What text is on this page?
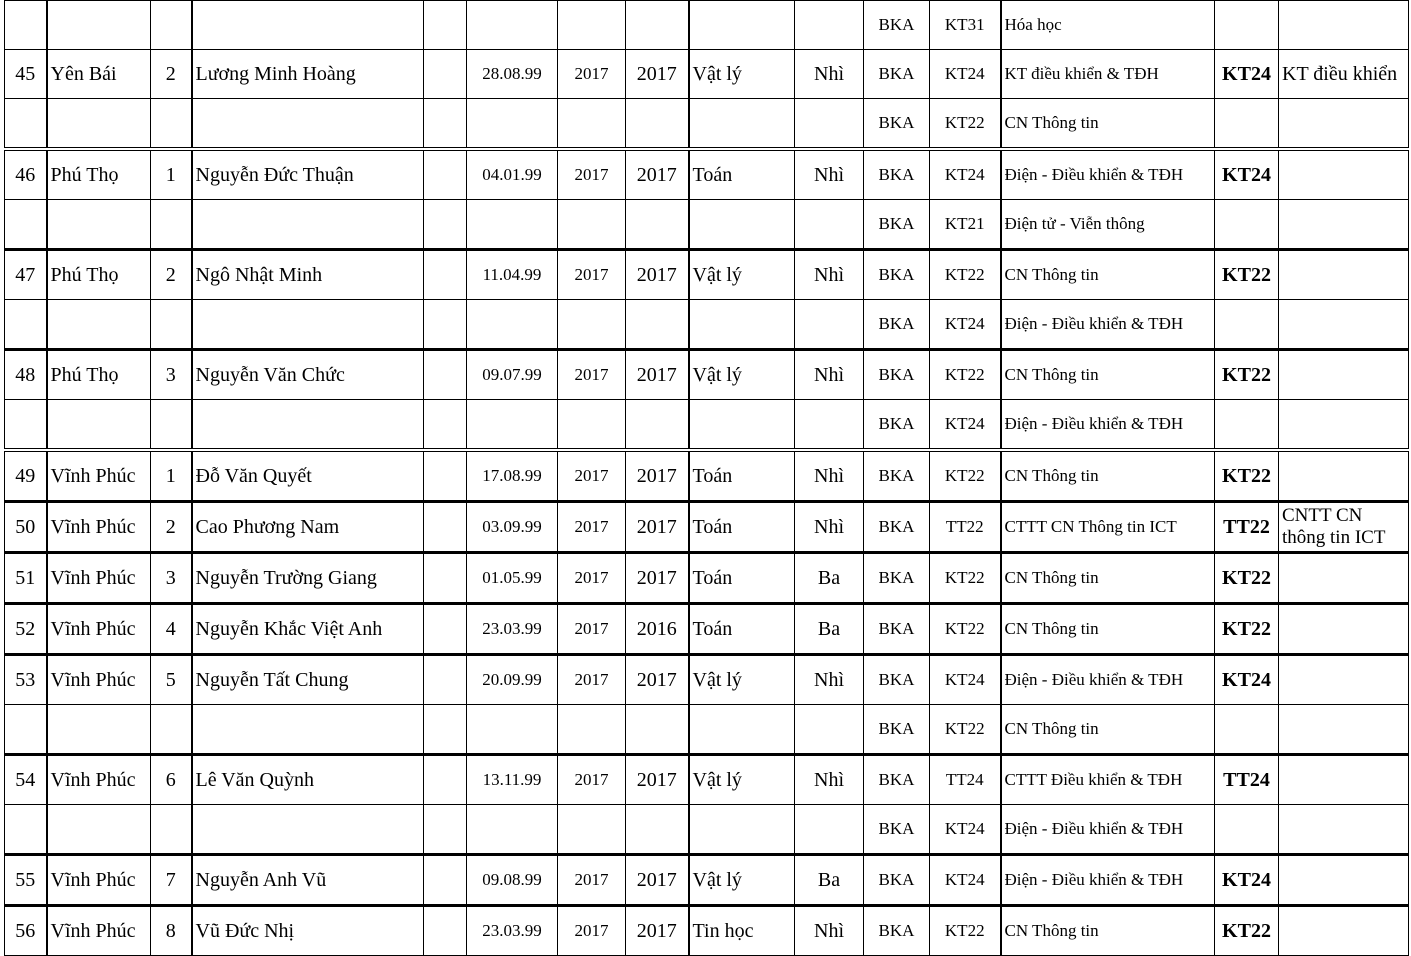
										BKA	KT31	Hóa học		
45	Yên Bái	2	Lương Minh Hoàng		28.08.99	2017	2017	Vật lý	Nhì	BKA	KT24	KT điều khiển & TĐH	KT24	KT điều khiển
										BKA	KT22	CN Thông tin		
46	Phú Thọ	1	Nguyễn Đức Thuận		04.01.99	2017	2017	Toán	Nhì	BKA	KT24	Điện - Điều khiển & TĐH	KT24	
										BKA	KT21	Điện tử - Viễn thông		
47	Phú Thọ	2	Ngô Nhật Minh		11.04.99	2017	2017	Vật lý	Nhì	BKA	KT22	CN Thông tin	KT22	
										BKA	KT24	Điện - Điều khiển & TĐH		
48	Phú Thọ	3	Nguyễn Văn Chức		09.07.99	2017	2017	Vật lý	Nhì	BKA	KT22	CN Thông tin	KT22	
										BKA	KT24	Điện - Điều khiển & TĐH		
49	Vĩnh Phúc	1	Đỗ Văn Quyết		17.08.99	2017	2017	Toán	Nhì	BKA	KT22	CN Thông tin	KT22	
50	Vĩnh Phúc	2	Cao Phương Nam		03.09.99	2017	2017	Toán	Nhì	BKA	TT22	CTTT CN Thông tin ICT	TT22	CNTT CN thông tin ICT
51	Vĩnh Phúc	3	Nguyễn Trường Giang		01.05.99	2017	2017	Toán	Ba	BKA	KT22	CN Thông tin	KT22	
52	Vĩnh Phúc	4	Nguyễn Khắc Việt Anh		23.03.99	2017	2016	Toán	Ba	BKA	KT22	CN Thông tin	KT22	
53	Vĩnh Phúc	5	Nguyễn Tất Chung		20.09.99	2017	2017	Vật lý	Nhì	BKA	KT24	Điện - Điều khiển & TĐH	KT24	
										BKA	KT22	CN Thông tin		
54	Vĩnh Phúc	6	Lê Văn Quỳnh		13.11.99	2017	2017	Vật lý	Nhì	BKA	TT24	CTTT Điều khiển & TĐH	TT24	
										BKA	KT24	Điện - Điều khiển & TĐH		
55	Vĩnh Phúc	7	Nguyễn Anh Vũ		09.08.99	2017	2017	Vật lý	Ba	BKA	KT24	Điện - Điều khiển & TĐH	KT24	
56	Vĩnh Phúc	8	Vũ Đức Nhị		23.03.99	2017	2017	Tin học	Nhì	BKA	KT22	CN Thông tin	KT22	
